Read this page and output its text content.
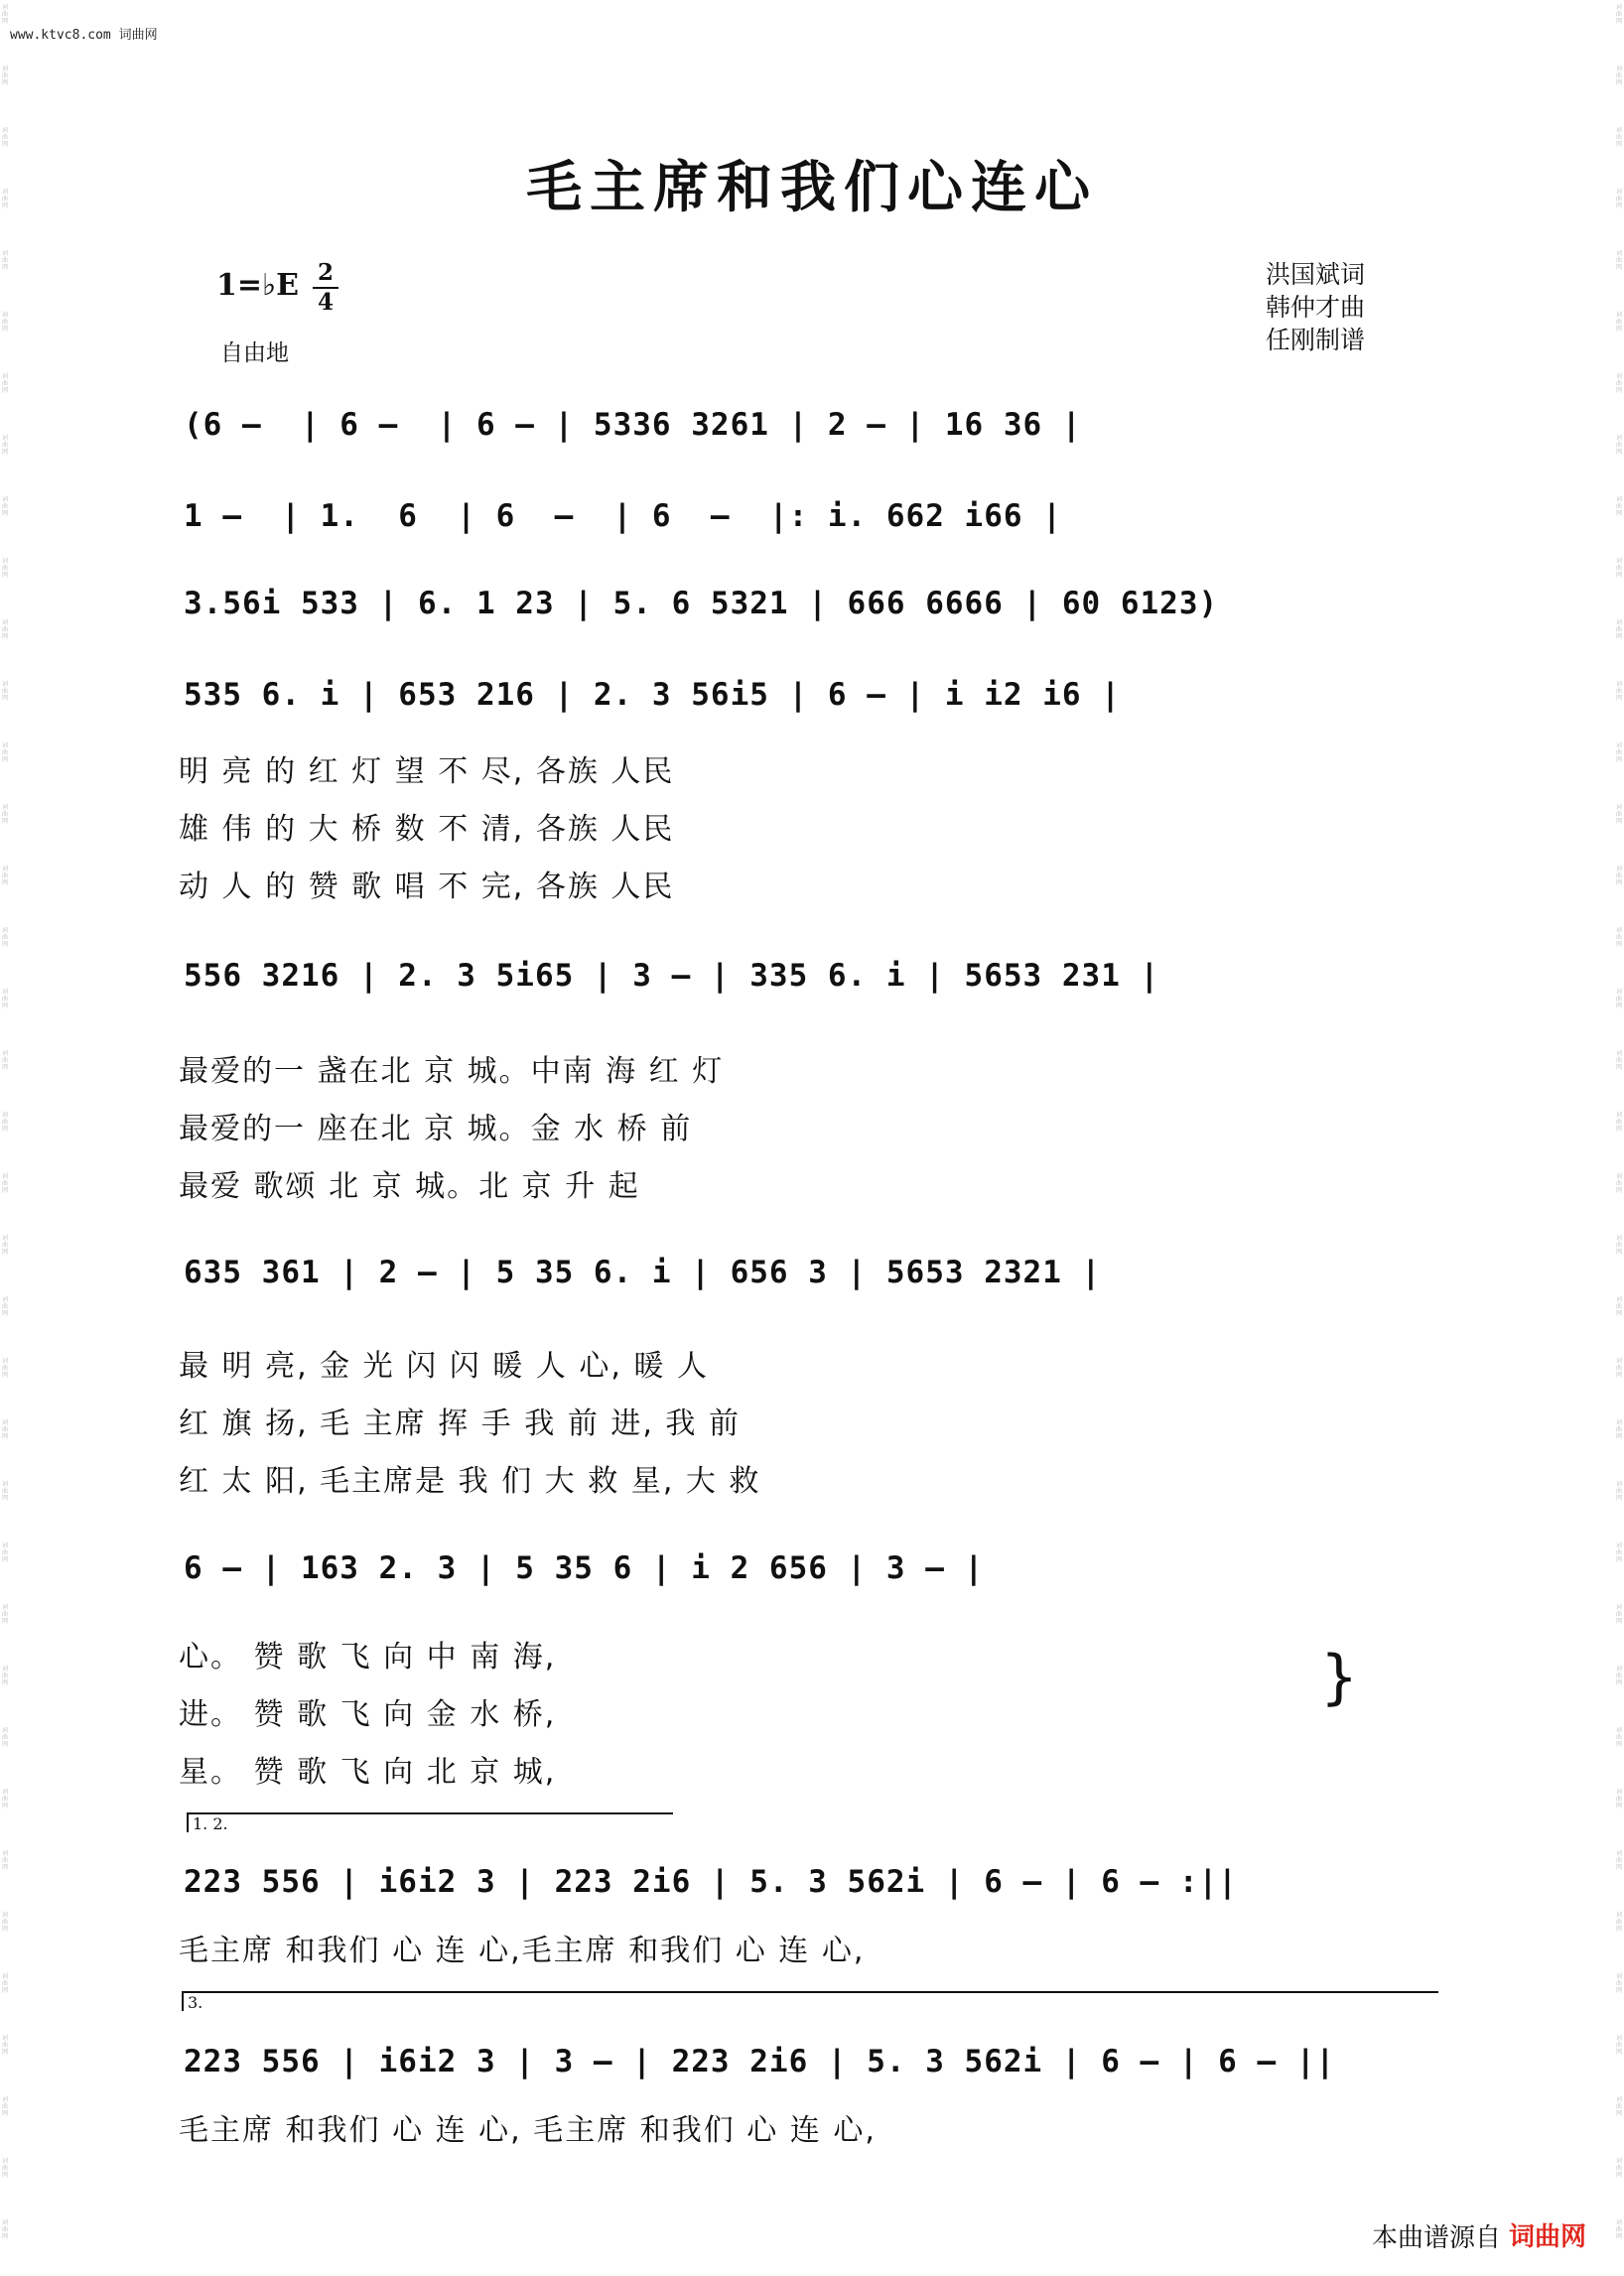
www.ktvc8.com 词曲网
词
曲
网
词
曲
网
词
曲
网
词
曲
网
词
曲
网
词
曲
网
词
曲
网
词
曲
网
词
曲
网
词
曲
网
词
曲
网
词
曲
网
词
曲
网
词
曲
网
词
曲
网
词
曲
网
词
曲
网
词
曲
网
词
曲
网
词
曲
网
词
曲
网
词
曲
网
词
曲
网
词
曲
网
词
曲
网
词
曲
网
词
曲
网
词
曲
网
词
曲
网
词
曲
网
词
曲
网
词
曲
网
词
曲
网
词
曲
网
词
曲
网
词
曲
网
词
曲
网
词
曲
网
词
曲
网
词
曲
网
词
曲
网
词
曲
网
词
曲
网
词
曲
网
词
曲
网
词
曲
网
词
曲
网
词
曲
网
词
曲
网
词
曲
网
词
曲
网
词
曲
网
词
曲
网
词
曲
网
词
曲
网
词
曲
网
词
曲
网
词
曲
网
词
曲
网
词
曲
网
词
曲
网
词
曲
网
词
曲
网
词
曲
网
词
曲
网
词
曲
网
词
曲
网
词
曲
网
词
曲
网
词
曲
网
词
曲
网
词
曲
网
词
曲
网
词
曲
网
毛主席和我们心连心
1=♭E 2
4
自由地
洪国斌词
韩仲才曲
任刚制谱
(6 –  | 6 –  | 6 – | 5336 3261 | 2 – | 16 36 |
1 –  | 1.  6  | 6  –  | 6  –  |: i. 662 i66 |
3.56i 533 | 6. 1 23 | 5. 6 5321 | 666 6666 | 60 6123)
535 6. i | 653 216 | 2. 3 56i5 | 6 – | i i2 i6 |
明 亮 的 红 灯 望 不 尽, 各族 人民
雄 伟 的 大 桥 数 不 清, 各族 人民
动 人 的 赞 歌 唱 不 完, 各族 人民
556 3216 | 2. 3 5i65 | 3 – | 335 6. i | 5653 231 |
最爱的一 盏在北 京 城。中南 海 红 灯
最爱的一 座在北 京 城。金 水 桥 前
最爱 歌颂 北 京 城。北 京 升 起
635 361 | 2 – | 5 35 6. i | 656 3 | 5653 2321 |
最 明 亮, 金 光 闪 闪 暖 人 心, 暖 人
红 旗 扬, 毛 主席 挥 手 我 前 进, 我 前
红 太 阳, 毛主席是 我 们 大 救 星, 大 救
6 – | 163 2. 3 | 5 35 6 | i 2 656 | 3 – |
心。 赞 歌 飞 向 中 南 海,
进。 赞 歌 飞 向 金 水 桥,
星。 赞 歌 飞 向 北 京 城,
}
1. 2.
223 556 | i6i2 3 | 223 2i6 | 5. 3 562i | 6 – | 6 – :||
毛主席 和我们 心 连 心,毛主席 和我们 心 连 心,
3.
223 556 | i6i2 3 | 3 – | 223 2i6 | 5. 3 562i | 6 – | 6 – ||
毛主席 和我们 心 连 心, 毛主席 和我们 心 连 心,
本曲谱源自 词曲网
